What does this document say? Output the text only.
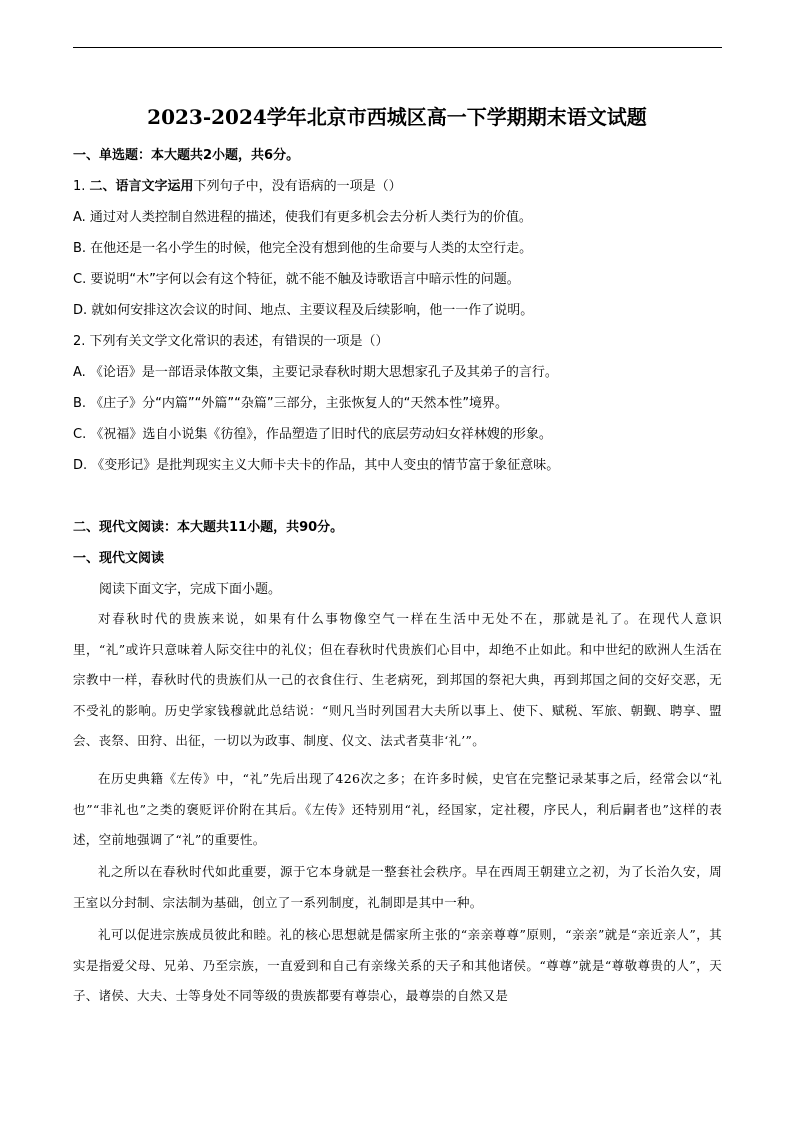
2023-2024学年北京市西城区高一下学期期末语文试题
一、单选题：本大题共2小题，共6分。
1. 二、语言文字运用下列句子中，没有语病的一项是（）
A. 通过对人类控制自然进程的描述，使我们有更多机会去分析人类行为的价值。
B. 在他还是一名小学生的时候，他完全没有想到他的生命要与人类的太空行走。
C. 要说明“木”字何以会有这个特征，就不能不触及诗歌语言中暗示性的问题。
D. 就如何安排这次会议的时间、地点、主要议程及后续影响，他一一作了说明。
2. 下列有关文学文化常识的表述，有错误的一项是（）
A. 《论语》是一部语录体散文集，主要记录春秋时期大思想家孔子及其弟子的言行。
B. 《庄子》分“内篇”“外篇”“杂篇”三部分，主张恢复人的“天然本性”境界。
C. 《祝福》选自小说集《彷徨》，作品塑造了旧时代的底层劳动妇女祥林嫂的形象。
D. 《变形记》是批判现实主义大师卡夫卡的作品，其中人变虫的情节富于象征意味。
二、现代文阅读：本大题共11小题，共90分。
一、现代文阅读
阅读下面文字，完成下面小题。
对春秋时代的贵族来说，如果有什么事物像空气一样在生活中无处不在，那就是礼了。在现代人意识里，“礼”或许只意味着人际交往中的礼仪；但在春秋时代贵族们心目中，却绝不止如此。和中世纪的欧洲人生活在宗教中一样，春秋时代的贵族们从一己的衣食住行、生老病死，到邦国的祭祀大典，再到邦国之间的交好交恶，无不受礼的影响。历史学家钱穆就此总结说：“则凡当时列国君大夫所以事上、使下、赋税、军旅、朝觐、聘享、盟会、丧祭、田狩、出征，一切以为政事、制度、仪文、法式者莫非‘礼’”。
在历史典籍《左传》中，“礼”先后出现了426次之多；在许多时候，史官在完整记录某事之后，经常会以“礼也”“非礼也”之类的褒贬评价附在其后。《左传》还特别用“礼，经国家，定社稷，序民人，利后嗣者也”这样的表述，空前地强调了“礼”的重要性。
礼之所以在春秋时代如此重要，源于它本身就是一整套社会秩序。早在西周王朝建立之初，为了长治久安，周王室以分封制、宗法制为基础，创立了一系列制度，礼制即是其中一种。
礼可以促进宗族成员彼此和睦。礼的核心思想就是儒家所主张的“亲亲尊尊”原则，“亲亲”就是“亲近亲人”，其实是指爱父母、兄弟、乃至宗族，一直爱到和自己有亲缘关系的天子和其他诸侯。“尊尊”就是“尊敬尊贵的人”，天子、诸侯、大夫、士等身处不同等级的贵族都要有尊崇心，最尊崇的自然又是
